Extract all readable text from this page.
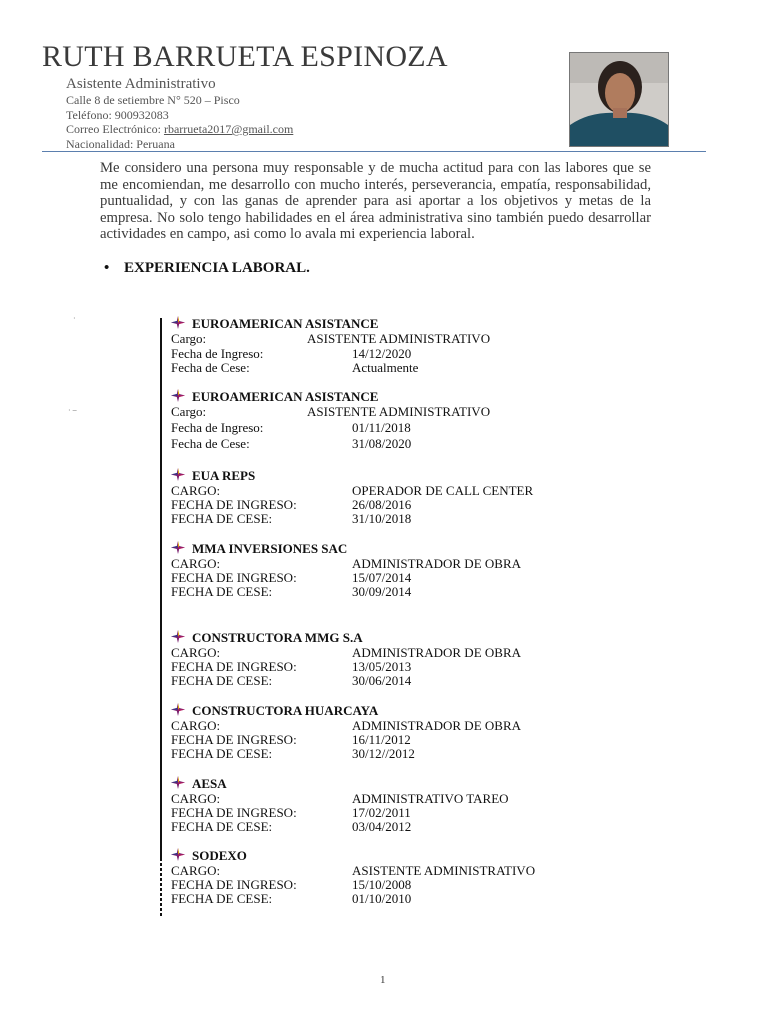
RUTH BARRUETA ESPINOZA
Asistente Administrativo
Calle 8 de setiembre N° 520 – Pisco
Teléfono: 900932083
Correo Electrónico: rbarrueta2017@gmail.com
Nacionalidad: Peruana
Me considero una persona muy responsable y de mucha actitud para con las labores que se me encomiendan, me desarrollo con mucho interés, perseverancia, empatía, responsabilidad, puntualidad, y con las ganas de aprender para asi aportar a los objetivos y metas de la empresa. No solo tengo habilidades en el área administrativa sino también puedo desarrollar actividades en campo, asi como lo avala mi experiencia laboral.
• EXPERIENCIA LABORAL.
·
· ⎯
EUROAMERICAN ASISTANCE
Cargo:	ASISTENTE ADMINISTRATIVO
Fecha de Ingreso:	14/12/2020
Fecha de Cese:	Actualmente
EUROAMERICAN ASISTANCE
Cargo:	ASISTENTE ADMINISTRATIVO
Fecha de Ingreso:	01/11/2018
Fecha de Cese:	31/08/2020
EUA REPS
CARGO:	OPERADOR DE CALL CENTER
FECHA DE INGRESO:	26/08/2016
FECHA DE CESE:	31/10/2018
MMA INVERSIONES SAC
CARGO:	ADMINISTRADOR DE OBRA
FECHA DE INGRESO:	15/07/2014
FECHA DE CESE:	30/09/2014
CONSTRUCTORA MMG S.A
CARGO:	ADMINISTRADOR DE OBRA
FECHA DE INGRESO:	13/05/2013
FECHA DE CESE:	30/06/2014
CONSTRUCTORA HUARCAYA
CARGO:	ADMINISTRADOR DE OBRA
FECHA DE INGRESO:	16/11/2012
FECHA DE CESE:	30/12//2012
AESA
CARGO:	ADMINISTRATIVO TAREO
FECHA DE INGRESO:	17/02/2011
FECHA DE CESE:	03/04/2012
SODEXO
CARGO:	ASISTENTE ADMINISTRATIVO
FECHA DE INGRESO:	15/10/2008
FECHA DE CESE:	01/10/2010
1
